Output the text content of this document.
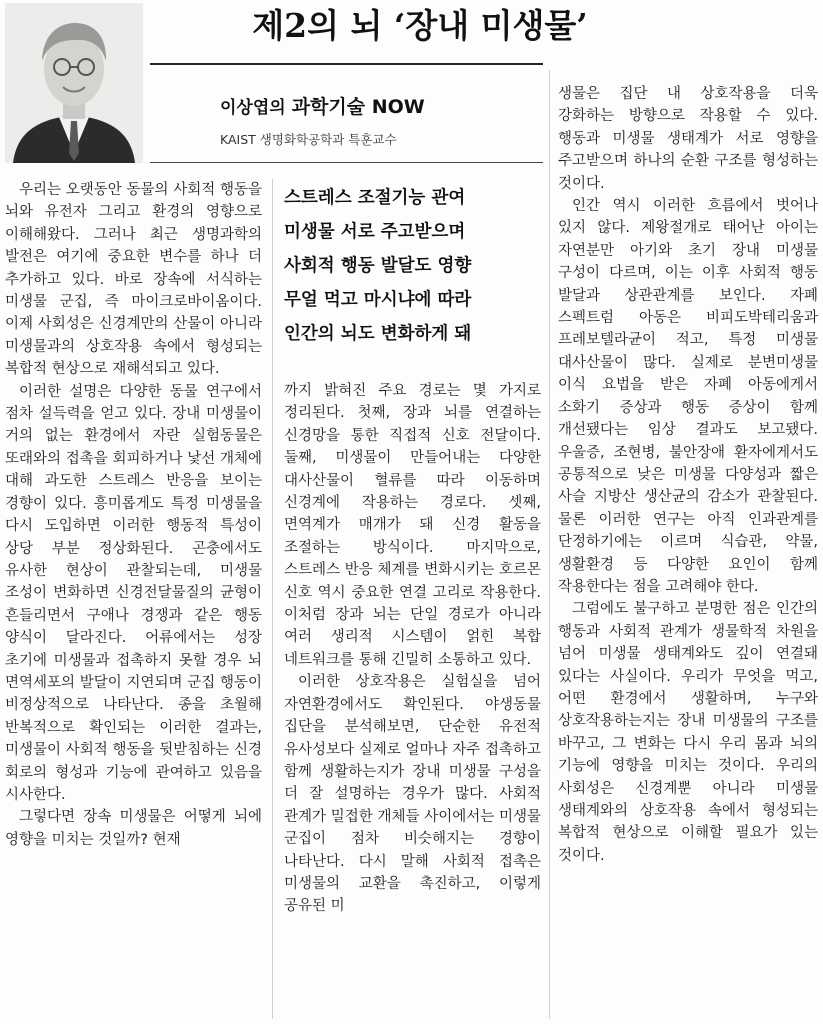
제2의 뇌 ‘장내 미생물’
이상엽의 과학기술 NOW
KAIST 생명화학공학과 특훈교수

우리는 오랫동안 동물의 사회적 행동을 뇌와 유전자 그리고 환경의 영향으로 이해해왔다. 그러나 최근 생명과학의 발전은 여기에 중요한 변수를 하나 더 추가하고 있다. 바로 장속에 서식하는 미생물 군집, 즉 마이크로바이옴이다. 이제 사회성은 신경계만의 산물이 아니라 미생물과의 상호작용 속에서 형성되는 복합적 현상으로 재해석되고 있다.

이러한 설명은 다양한 동물 연구에서 점차 설득력을 얻고 있다. 장내 미생물이 거의 없는 환경에서 자란 실험동물은 또래와의 접촉을 회피하거나 낯선 개체에 대해 과도한 스트레스 반응을 보이는 경향이 있다. 흥미롭게도 특정 미생물을 다시 도입하면 이러한 행동적 특성이 상당 부분 정상화된다. 곤충에서도 유사한 현상이 관찰되는데, 미생물 조성이 변화하면 신경전달물질의 균형이 흔들리면서 구애나 경쟁과 같은 행동 양식이 달라진다. 어류에서는 성장 초기에 미생물과 접촉하지 못할 경우 뇌 면역세포의 발달이 지연되며 군집 행동이 비정상적으로 나타난다. 종을 초월해 반복적으로 확인되는 이러한 결과는, 미생물이 사회적 행동을 뒷받침하는 신경 회로의 형성과 기능에 관여하고 있음을 시사한다.

그렇다면 장속 미생물은 어떻게 뇌에 영향을 미치는 것일까? 현재

스트레스 조절기능 관여
미생물 서로 주고받으며
사회적 행동 발달도 영향
무얼 먹고 마시냐에 따라
인간의 뇌도 변화하게 돼

까지 밝혀진 주요 경로는 몇 가지로 정리된다. 첫째, 장과 뇌를 연결하는 신경망을 통한 직접적 신호 전달이다. 둘째, 미생물이 만들어내는 다양한 대사산물이 혈류를 따라 이동하며 신경계에 작용하는 경로다. 셋째, 면역계가 매개가 돼 신경 활동을 조절하는 방식이다. 마지막으로, 스트레스 반응 체계를 변화시키는 호르몬 신호 역시 중요한 연결 고리로 작용한다. 이처럼 장과 뇌는 단일 경로가 아니라 여러 생리적 시스템이 얽힌 복합 네트워크를 통해 긴밀히 소통하고 있다.

이러한 상호작용은 실험실을 넘어 자연환경에서도 확인된다. 야생동물 집단을 분석해보면, 단순한 유전적 유사성보다 실제로 얼마나 자주 접촉하고 함께 생활하는지가 장내 미생물 구성을 더 잘 설명하는 경우가 많다. 사회적 관계가 밀접한 개체들 사이에서는 미생물 군집이 점차 비슷해지는 경향이 나타난다. 다시 말해 사회적 접촉은 미생물의 교환을 촉진하고, 이렇게 공유된 미

생물은 집단 내 상호작용을 더욱 강화하는 방향으로 작용할 수 있다. 행동과 미생물 생태계가 서로 영향을 주고받으며 하나의 순환 구조를 형성하는 것이다.

인간 역시 이러한 흐름에서 벗어나 있지 않다. 제왕절개로 태어난 아이는 자연분만 아기와 초기 장내 미생물 구성이 다르며, 이는 이후 사회적 행동 발달과 상관관계를 보인다. 자폐 스펙트럼 아동은 비피도박테리움과 프레보텔라균이 적고, 특정 미생물 대사산물이 많다. 실제로 분변미생물 이식 요법을 받은 자폐 아동에게서 소화기 증상과 행동 증상이 함께 개선됐다는 임상 결과도 보고됐다. 우울증, 조현병, 불안장애 환자에게서도 공통적으로 낮은 미생물 다양성과 짧은 사슬 지방산 생산균의 감소가 관찰된다. 물론 이러한 연구는 아직 인과관계를 단정하기에는 이르며 식습관, 약물, 생활환경 등 다양한 요인이 함께 작용한다는 점을 고려해야 한다.

그럼에도 불구하고 분명한 점은 인간의 행동과 사회적 관계가 생물학적 차원을 넘어 미생물 생태계와도 깊이 연결돼 있다는 사실이다. 우리가 무엇을 먹고, 어떤 환경에서 생활하며, 누구와 상호작용하는지는 장내 미생물의 구조를 바꾸고, 그 변화는 다시 우리 몸과 뇌의 기능에 영향을 미치는 것이다. 우리의 사회성은 신경계뿐 아니라 미생물 생태계와의 상호작용 속에서 형성되는 복합적 현상으로 이해할 필요가 있는 것이다.
